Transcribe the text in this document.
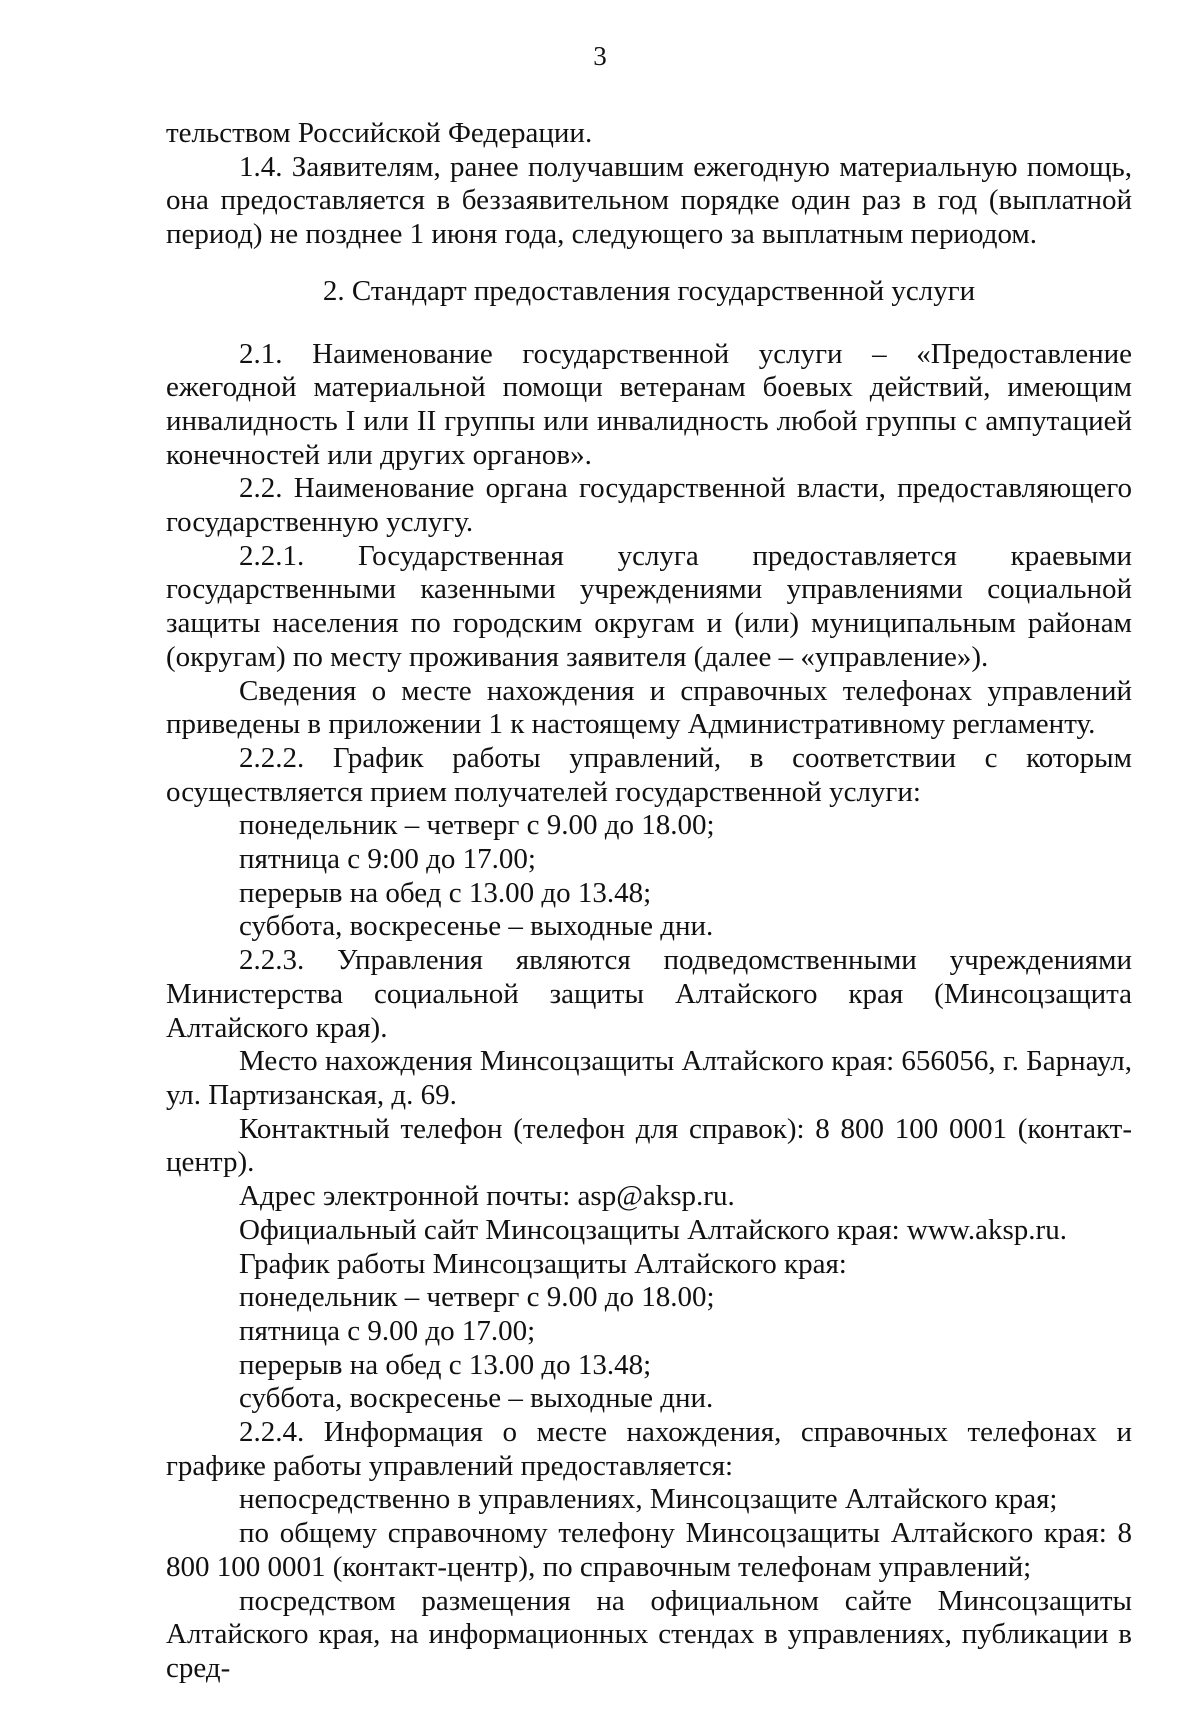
3

тельством Российской Федерации.

1.4. Заявителям, ранее получавшим ежегодную материальную помощь, она предоставляется в беззаявительном порядке один раз в год (выплатной период) не позднее 1 июня года, следующего за выплатным периодом.

2. Стандарт предоставления государственной услуги

2.1. Наименование государственной услуги – «Предоставление ежегодной материальной помощи ветеранам боевых действий, имеющим инвалидность I или II группы или инвалидность любой группы с ампутацией конечностей или других органов».

2.2. Наименование органа государственной власти, предоставляющего государственную услугу.

2.2.1. Государственная услуга предоставляется краевыми государственными казенными учреждениями управлениями социальной защиты населения по городским округам и (или) муниципальным районам (округам) по месту проживания заявителя (далее – «управление»).

Сведения о месте нахождения и справочных телефонах управлений приведены в приложении 1 к настоящему Административному регламенту.

2.2.2. График работы управлений, в соответствии с которым осуществляется прием получателей государственной услуги:

понедельник – четверг с 9.00 до 18.00;

пятница с 9:00 до 17.00;

перерыв на обед с 13.00 до 13.48;

суббота, воскресенье – выходные дни.

2.2.3. Управления являются подведомственными учреждениями Министерства социальной защиты Алтайского края (Минсоцзащита Алтайского края).

Место нахождения Минсоцзащиты Алтайского края: 656056, г. Барнаул, ул. Партизанская, д. 69.

Контактный телефон (телефон для справок): 8 800 100 0001 (контакт-центр).

Адрес электронной почты: asp@aksp.ru.

Официальный сайт Минсоцзащиты Алтайского края: www.aksp.ru.

График работы Минсоцзащиты Алтайского края:

понедельник – четверг с 9.00 до 18.00;

пятница с 9.00 до 17.00;

перерыв на обед с 13.00 до 13.48;

суббота, воскресенье – выходные дни.

2.2.4. Информация о месте нахождения, справочных телефонах и графике работы управлений предоставляется:

непосредственно в управлениях, Минсоцзащите Алтайского края;

по общему справочному телефону Минсоцзащиты Алтайского края: 8 800 100 0001 (контакт-центр), по справочным телефонам управлений;

посредством размещения на официальном сайте Минсоцзащиты Алтайского края, на информационных стендах в управлениях, публикации в сред-
